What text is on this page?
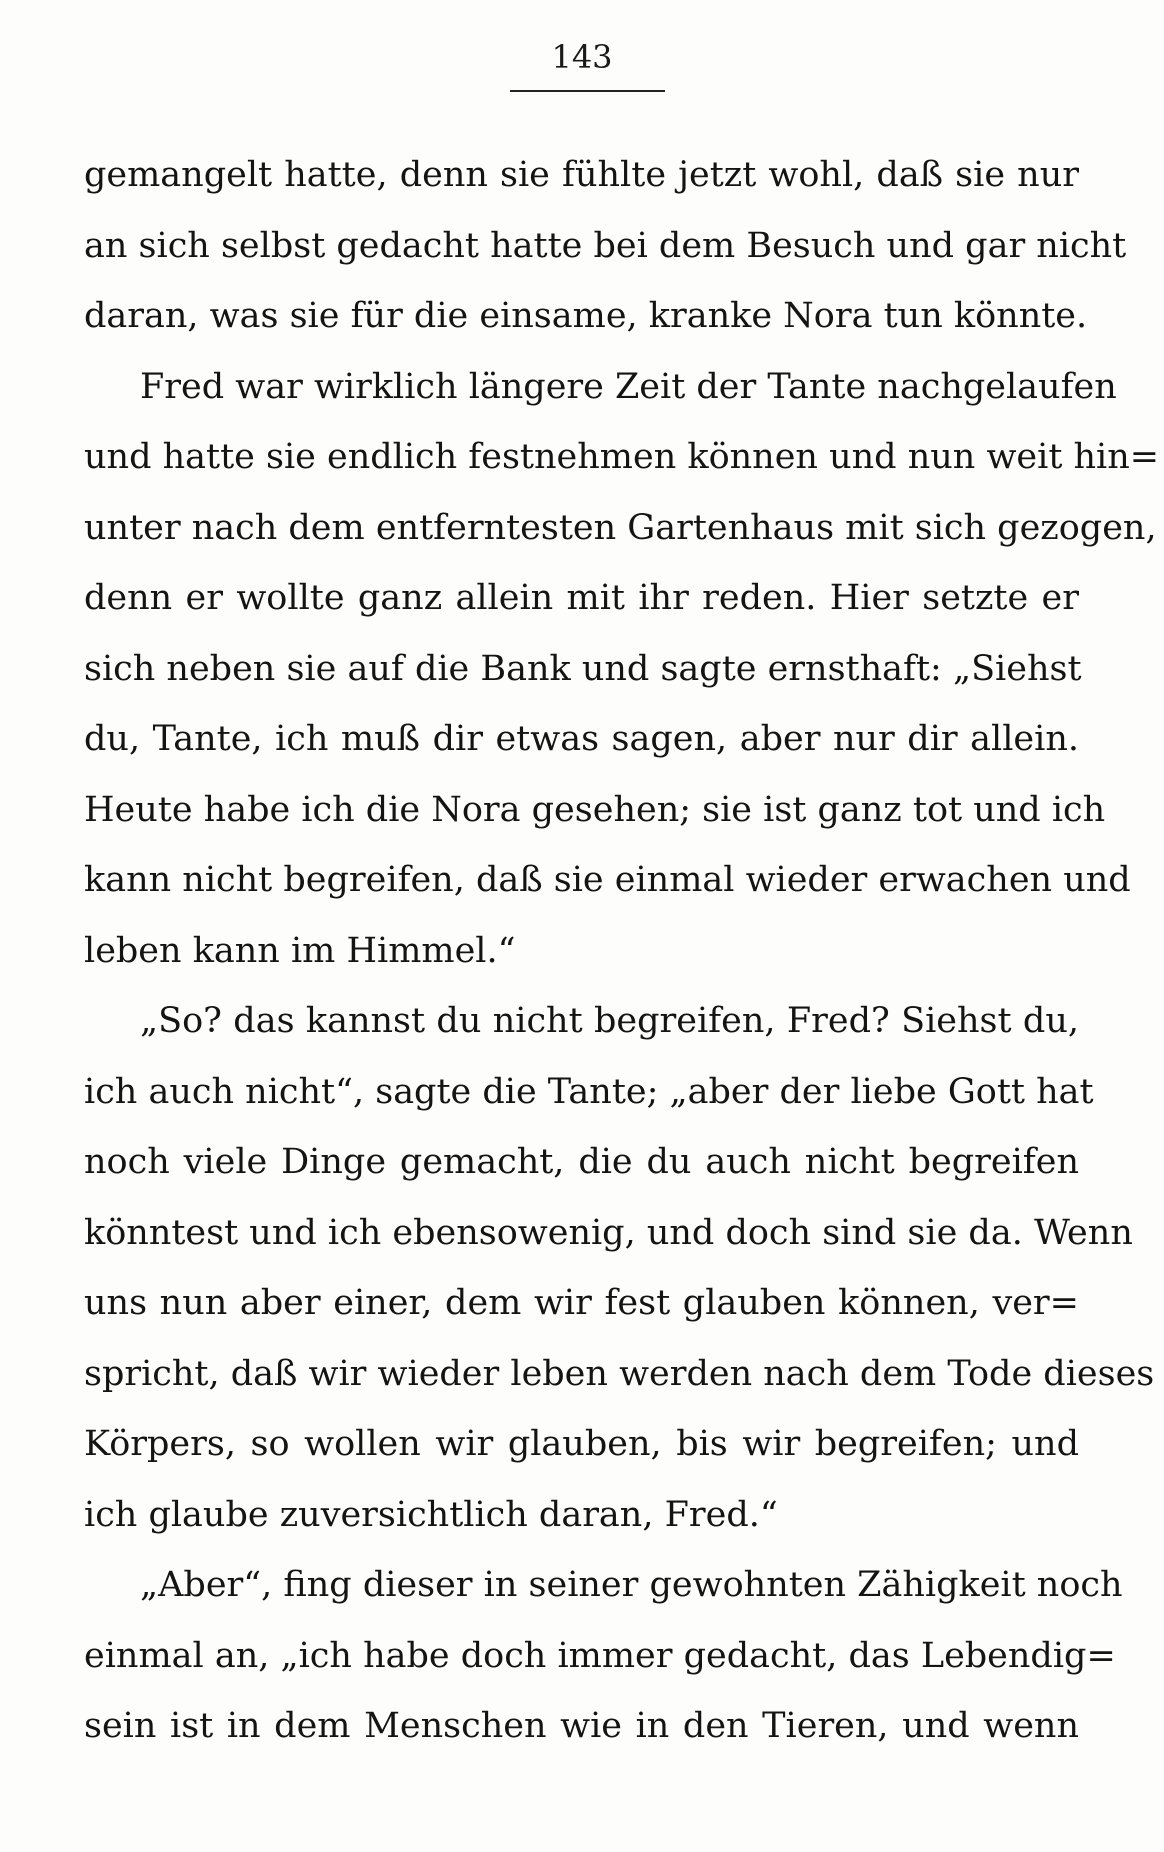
143
gemangelt hatte, denn sie fühlte jetzt wohl, daß sie nur
an sich selbst gedacht hatte bei dem Besuch und gar nicht
daran, was sie für die einsame, kranke Nora tun könnte.
Fred war wirklich längere Zeit der Tante nachgelaufen
und hatte sie endlich festnehmen können und nun weit hin=
unter nach dem entferntesten Gartenhaus mit sich gezogen,
denn er wollte ganz allein mit ihr reden. Hier setzte er
sich neben sie auf die Bank und sagte ernsthaft: „Siehst
du, Tante, ich muß dir etwas sagen, aber nur dir allein.
Heute habe ich die Nora gesehen; sie ist ganz tot und ich
kann nicht begreifen, daß sie einmal wieder erwachen und
leben kann im Himmel.“
„So? das kannst du nicht begreifen, Fred? Siehst du,
ich auch nicht“, sagte die Tante; „aber der liebe Gott hat
noch viele Dinge gemacht, die du auch nicht begreifen
könntest und ich ebensowenig, und doch sind sie da. Wenn
uns nun aber einer, dem wir fest glauben können, ver=
spricht, daß wir wieder leben werden nach dem Tode dieses
Körpers, so wollen wir glauben, bis wir begreifen; und
ich glaube zuversichtlich daran, Fred.“
„Aber“, fing dieser in seiner gewohnten Zähigkeit noch
einmal an, „ich habe doch immer gedacht, das Lebendig=
sein ist in dem Menschen wie in den Tieren, und wenn
